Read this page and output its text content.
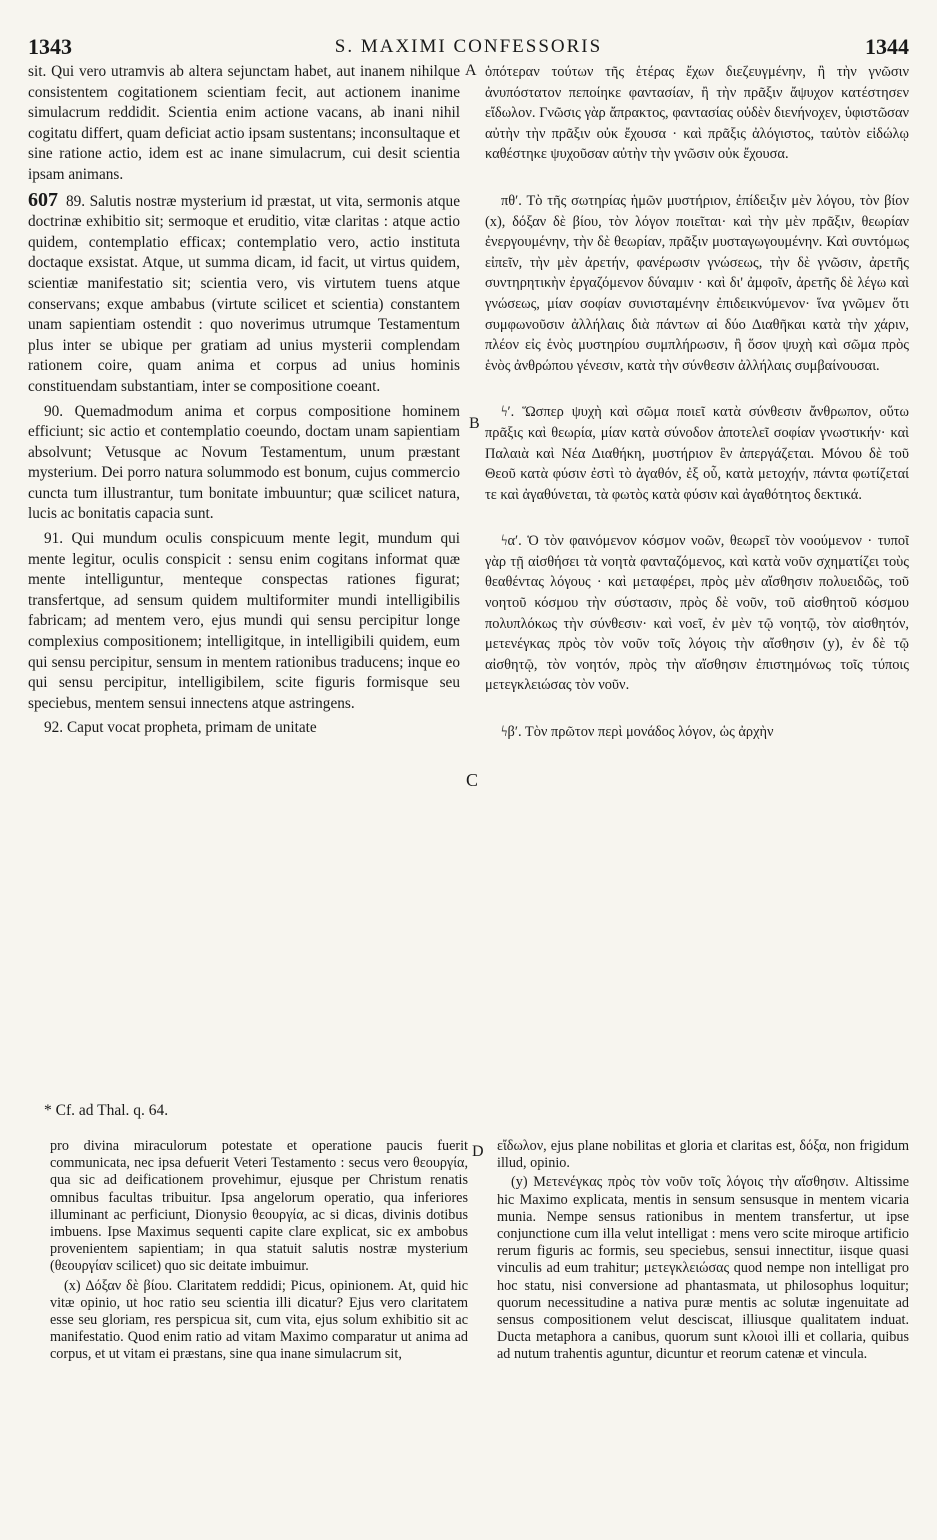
1343	S. MAXIMI CONFESSORIS	1344
A
B
C
D

sit. Qui vero utramvis ab altera sejunctam habet, aut inanem nihilque consistentem cogitationem scientiam fecit, aut actionem inanime simulacrum reddidit. Scientia enim actione vacans, ab inani nihil cogitatu differt, quam deficiat actio ipsam sustentans; inconsultaque et sine ratione actio, idem est ac inane simulacrum, cui desit scientia ipsam animans.

607 89. Salutis nostræ mysterium id præstat, ut vita, sermonis atque doctrinæ exhibitio sit; sermoque et eruditio, vitæ claritas : atque actio quidem, contemplatio efficax; contemplatio vero, actio instituta doctaque exsistat. Atque, ut summa dicam, id facit, ut virtus quidem, scientiæ manifestatio sit; scientia vero, vis virtutem tuens atque conservans; exque ambabus (virtute scilicet et scientia) constantem unam sapientiam ostendit : quo noverimus utrumque Testamentum plus inter se ubique per gratiam ad unius mysterii complendam rationem coire, quam anima et corpus ad unius hominis constituendam substantiam, inter se compositione coeant.

90. Quemadmodum anima et corpus compositione hominem efficiunt; sic actio et contemplatio coeundo, doctam unam sapientiam absolvunt; Vetusque ac Novum Testamentum, unum præstant mysterium. Dei porro natura solummodo est bonum, cujus commercio cuncta tum illustrantur, tum bonitate imbuuntur; quæ scilicet natura, lucis ac bonitatis capacia sunt.

91. Qui mundum oculis conspicuum mente legit, mundum qui mente legitur, oculis conspicit : sensu enim cogitans informat quæ mente intelliguntur, menteque conspectas rationes figurat; transfertque, ad sensum quidem multiformiter mundi intelligibilis fabricam; ad mentem vero, ejus mundi qui sensu percipitur longe complexius compositionem; intelligitque, in intelligibili quidem, eum qui sensu percipitur, sensum in mentem rationibus traducens; inque eo qui sensu percipitur, intelligibilem, scite figuris formisque seu speciebus, mentem sensui innectens atque astringens.

92. Caput vocat propheta, primam de unitate

ὁπότεραν τούτων τῆς ἑτέρας ἔχων διεζευγμένην, ἢ τὴν γνῶσιν ἀνυπόστατον πεποίηκε φαντασίαν, ἢ τὴν πρᾶξιν ἄψυχον κατέστησεν εἴδωλον. Γνῶσις γὰρ ἄπρακτος, φαντασίας οὐδὲν διενήνοχεν, ὑφιστῶσαν αὐτὴν τὴν πρᾶξιν οὐκ ἔχουσα · καὶ πρᾶξις ἀλόγιστος, ταὐτὸν εἰδώλῳ καθέστηκε ψυχοῦσαν αὐτὴν τὴν γνῶσιν οὐκ ἔχουσα.

πθʹ. Τὸ τῆς σωτηρίας ἡμῶν μυστήριον, ἐπίδειξιν μὲν λόγου, τὸν βίον (x), δόξαν δὲ βίου, τὸν λόγον ποιεῖται· καὶ τὴν μὲν πρᾶξιν, θεωρίαν ἐνεργουμένην, τὴν δὲ θεωρίαν, πρᾶξιν μυσταγωγουμένην. Καὶ συντόμως εἰπεῖν, τὴν μὲν ἀρετήν, φανέρωσιν γνώσεως, τὴν δὲ γνῶσιν, ἀρετῆς συντηρητικὴν ἐργαζόμενον δύναμιν · καὶ δι' ἀμφοῖν, ἀρετῆς δὲ λέγω καὶ γνώσεως, μίαν σοφίαν συνισταμένην ἐπιδεικνύμενον· ἵνα γνῶμεν ὅτι συμφωνοῦσιν ἀλλήλαις διὰ πάντων αἱ δύο Διαθῆκαι κατὰ τὴν χάριν, πλέον εἰς ἑνὸς μυστηρίου συμπλήρωσιν, ἢ ὅσον ψυχὴ καὶ σῶμα πρὸς ἑνὸς ἀνθρώπου γένεσιν, κατὰ τὴν σύνθεσιν ἀλλήλαις συμβαίνουσαι.

ϟʹ. Ὥσπερ ψυχὴ καὶ σῶμα ποιεῖ κατὰ σύνθεσιν ἄνθρωπον, οὕτω πρᾶξις καὶ θεωρία, μίαν κατὰ σύνοδον ἀποτελεῖ σοφίαν γνωστικήν· καὶ Παλαιὰ καὶ Νέα Διαθήκη, μυστήριον ἓν ἀπεργάζεται. Μόνου δὲ τοῦ Θεοῦ κατὰ φύσιν ἐστὶ τὸ ἀγαθόν, ἐξ οὗ, κατὰ μετοχήν, πάντα φωτίζεταί τε καὶ ἀγαθύνεται, τὰ φωτὸς κατὰ φύσιν καὶ ἀγαθότητος δεκτικά.

ϟαʹ. Ὁ τὸν φαινόμενον κόσμον νοῶν, θεωρεῖ τὸν νοούμενον · τυποῖ γὰρ τῇ αἰσθήσει τὰ νοητὰ φανταζόμενος, καὶ κατὰ νοῦν σχηματίζει τοὺς θεαθέντας λόγους · καὶ μεταφέρει, πρὸς μὲν αἴσθησιν πολυειδῶς, τοῦ νοητοῦ κόσμου τὴν σύστασιν, πρὸς δὲ νοῦν, τοῦ αἰσθητοῦ κόσμου πολυπλόκως τὴν σύνθεσιν· καὶ νοεῖ, ἐν μὲν τῷ νοητῷ, τὸν αἰσθητόν, μετενέγκας πρὸς τὸν νοῦν τοῖς λόγοις τὴν αἴσθησιν (y), ἐν δὲ τῷ αἰσθητῷ, τὸν νοητόν, πρὸς τὴν αἴσθησιν ἐπιστημόνως τοῖς τύποις μετεγκλειώσας τὸν νοῦν.

ϟβʹ. Τὸν πρῶτον περὶ μονάδος λόγον, ὡς ἀρχὴν

* Cf. ad Thal. q. 64.

pro divina miraculorum potestate et operatione paucis fuerit communicata, nec ipsa defuerit Veteri Testamento : secus vero θεουργία, qua sic ad deificationem provehimur, ejusque per Christum renatis omnibus facultas tribuitur. Ipsa angelorum operatio, qua inferiores illuminant ac perficiunt, Dionysio θεουργία, ac si dicas, divinis dotibus imbuens. Ipse Maximus sequenti capite clare explicat, sic ex ambobus provenientem sapientiam; in qua statuit salutis nostræ mysterium (θεουργίαν scilicet) quo sic deitate imbuimur.

(x) Δόξαν δὲ βίου. Claritatem reddidi; Picus, opinionem. At, quid hic vitæ opinio, ut hoc ratio seu scientia illi dicatur? Ejus vero claritatem esse seu gloriam, res perspicua sit, cum vita, ejus solum exhibitio sit ac manifestatio. Quod enim ratio ad vitam Maximo comparatur ut anima ad corpus, et ut vitam ei præstans, sine qua inane simulacrum sit,

εἴδωλον, ejus plane nobilitas et gloria et claritas est, δόξα, non frigidum illud, opinio.

(y) Μετενέγκας πρὸς τὸν νοῦν τοῖς λόγοις τὴν αἴσθησιν. Altissime hic Maximo explicata, mentis in sensum sensusque in mentem vicaria munia. Nempe sensus rationibus in mentem transfertur, ut ipse conjunctione cum illa velut intelligat : mens vero scite miroque artificio rerum figuris ac formis, seu speciebus, sensui innectitur, iisque quasi vinculis ad eum trahitur; μετεγκλειώσας quod nempe non intelligat pro hoc statu, nisi conversione ad phantasmata, ut philosophus loquitur; quorum necessitudine a nativa puræ mentis ac solutæ ingenuitate ad sensus compositionem velut desciscat, illiusque qualitatem induat. Ducta metaphora a canibus, quorum sunt κλοιοὶ illi et collaria, quibus ad nutum trahentis aguntur, dicuntur et reorum catenæ et vincula.
